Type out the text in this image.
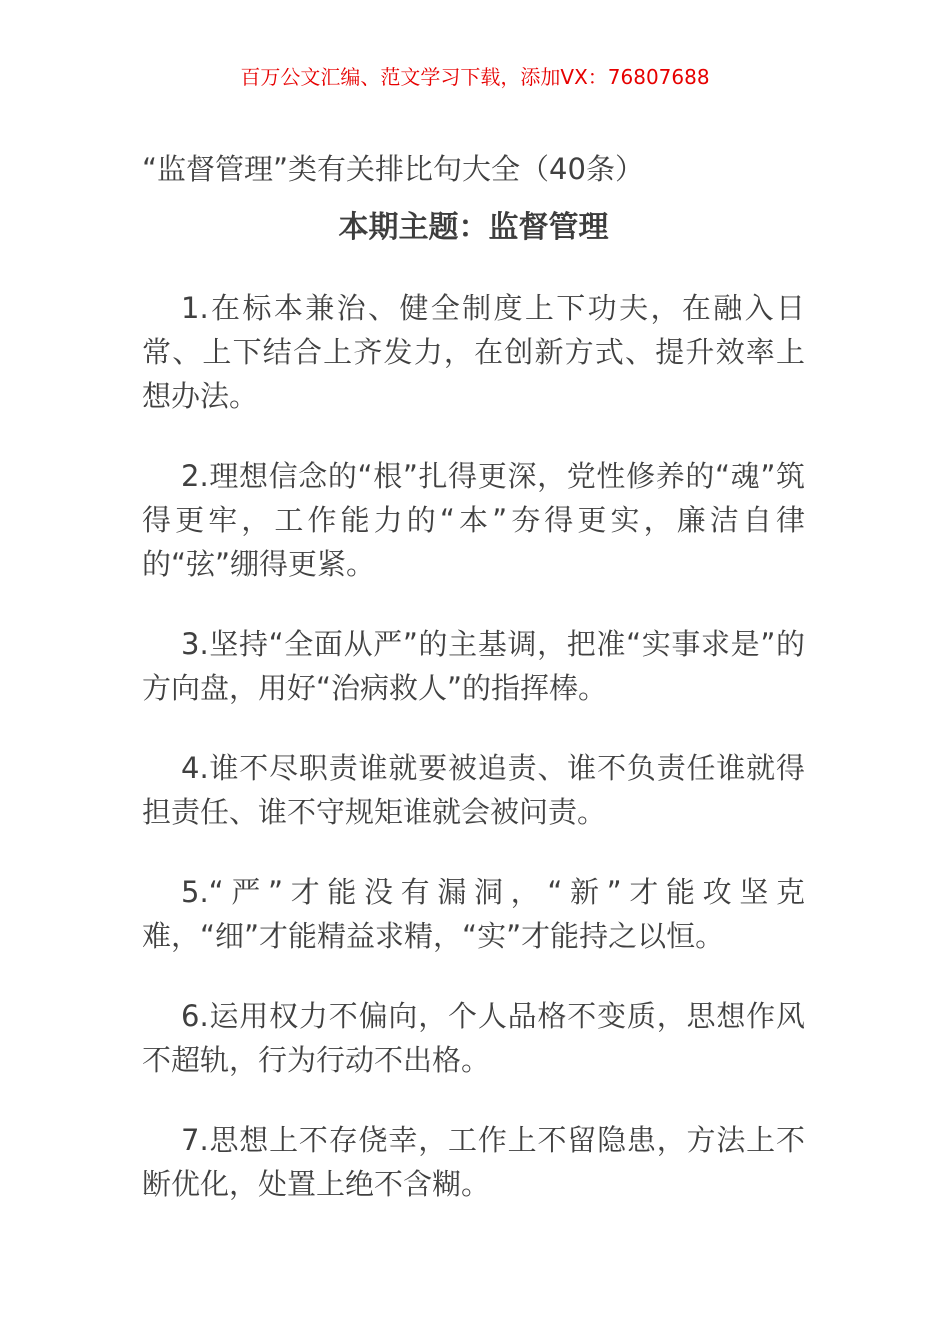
百万公文汇编、范文学习下载，添加VX：76807688
“监督管理”类有关排比句大全（40条）
本期主题：监督管理

1.在标本兼治、健全制度上下功夫，在融入日常、上下结合上齐发力，在创新方式、提升效率上想办法。

2.理想信念的“根”扎得更深，党性修养的“魂”筑得更牢，工作能力的“本”夯得更实，廉洁自律的“弦”绷得更紧。

3.坚持“全面从严”的主基调，把准“实事求是”的方向盘，用好“治病救人”的指挥棒。

4.谁不尽职责谁就要被追责、谁不负责任谁就得担责任、谁不守规矩谁就会被问责。

5.“严”才能没有漏洞，“新”才能攻坚克难，“细”才能精益求精，“实”才能持之以恒。

6.运用权力不偏向，个人品格不变质，思想作风不超轨，行为行动不出格。

7.思想上不存侥幸，工作上不留隐患，方法上不断优化，处置上绝不含糊。
